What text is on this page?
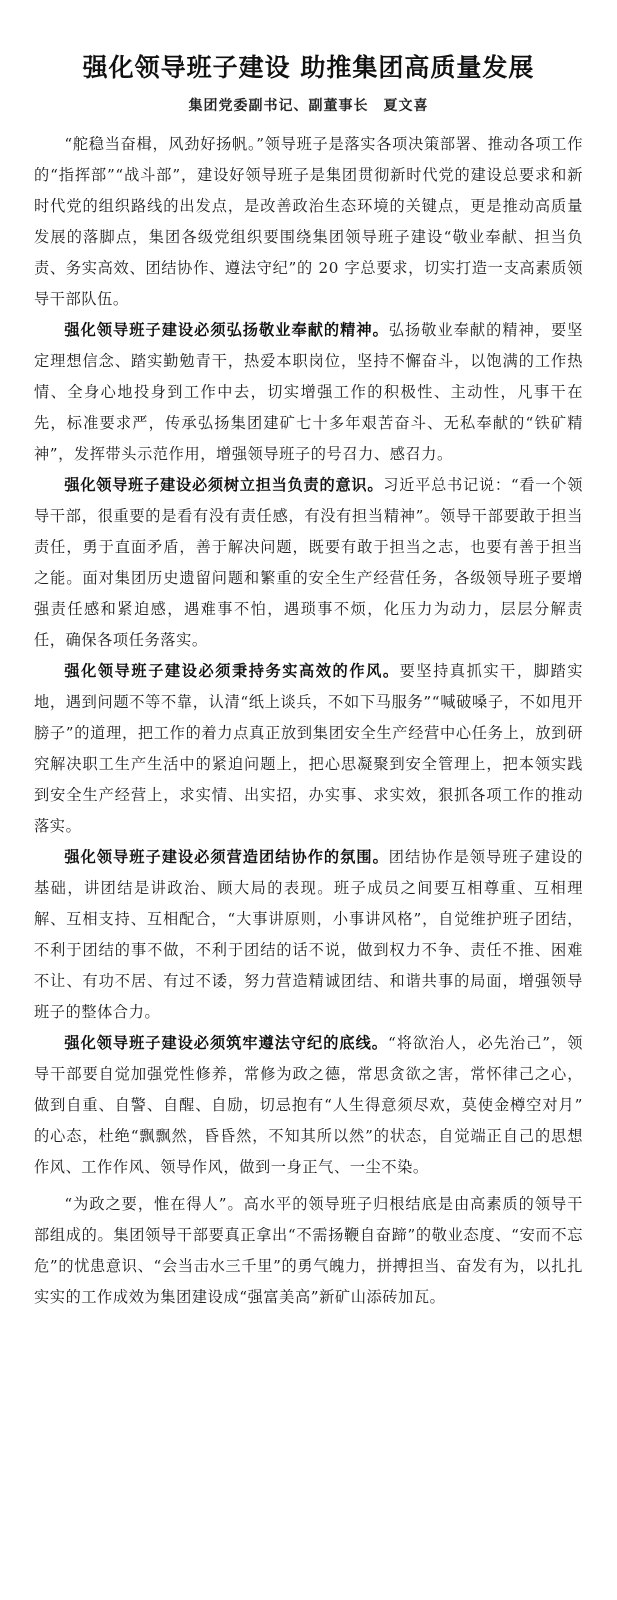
强化领导班子建设 助推集团高质量发展
集团党委副书记、副董事长　夏文喜

“舵稳当奋楫，风劲好扬帆。”领导班子是落实各项决策部署、推动各项工作的“指挥部”“战斗部”，建设好领导班子是集团贯彻新时代党的建设总要求和新时代党的组织路线的出发点，是改善政治生态环境的关键点，更是推动高质量发展的落脚点，集团各级党组织要围绕集团领导班子建设“敬业奉献、担当负责、务实高效、团结协作、遵法守纪”的 20 字总要求，切实打造一支高素质领导干部队伍。

强化领导班子建设必须弘扬敬业奉献的精神。弘扬敬业奉献的精神，要坚定理想信念、踏实勤勉青干，热爱本职岗位，坚持不懈奋斗，以饱满的工作热情、全身心地投身到工作中去，切实增强工作的积极性、主动性，凡事干在先，标准要求严，传承弘扬集团建矿七十多年艰苦奋斗、无私奉献的“铁矿精神”，发挥带头示范作用，增强领导班子的号召力、感召力。

强化领导班子建设必须树立担当负责的意识。习近平总书记说：“看一个领导干部，很重要的是看有没有责任感，有没有担当精神”。领导干部要敢于担当责任，勇于直面矛盾，善于解决问题，既要有敢于担当之志，也要有善于担当之能。面对集团历史遗留问题和繁重的安全生产经营任务，各级领导班子要增强责任感和紧迫感，遇难事不怕，遇琐事不烦，化压力为动力，层层分解责任，确保各项任务落实。

强化领导班子建设必须秉持务实高效的作风。要坚持真抓实干，脚踏实地，遇到问题不等不靠，认清“纸上谈兵，不如下马服务”“喊破嗓子，不如甩开膀子”的道理，把工作的着力点真正放到集团安全生产经营中心任务上，放到研究解决职工生产生活中的紧迫问题上，把心思凝聚到安全管理上，把本领实践到安全生产经营上，求实情、出实招，办实事、求实效，狠抓各项工作的推动落实。

强化领导班子建设必须营造团结协作的氛围。团结协作是领导班子建设的基础，讲团结是讲政治、顾大局的表现。班子成员之间要互相尊重、互相理解、互相支持、互相配合，“大事讲原则，小事讲风格”，自觉维护班子团结，不利于团结的事不做，不利于团结的话不说，做到权力不争、责任不推、困难不让、有功不居、有过不诿，努力营造精诚团结、和谐共事的局面，增强领导班子的整体合力。

强化领导班子建设必须筑牢遵法守纪的底线。“将欲治人，必先治己”，领导干部要自觉加强党性修养，常修为政之德，常思贪欲之害，常怀律己之心，做到自重、自警、自醒、自励，切忌抱有“人生得意须尽欢，莫使金樽空对月”的心态，杜绝“飘飘然，昏昏然，不知其所以然”的状态，自觉端正自己的思想作风、工作作风、领导作风，做到一身正气、一尘不染。

“为政之要，惟在得人”。高水平的领导班子归根结底是由高素质的领导干部组成的。集团领导干部要真正拿出“不需扬鞭自奋蹄”的敬业态度、“安而不忘危”的忧患意识、“会当击水三千里”的勇气魄力，拼搏担当、奋发有为，以扎扎实实的工作成效为集团建设成“强富美高”新矿山添砖加瓦。
